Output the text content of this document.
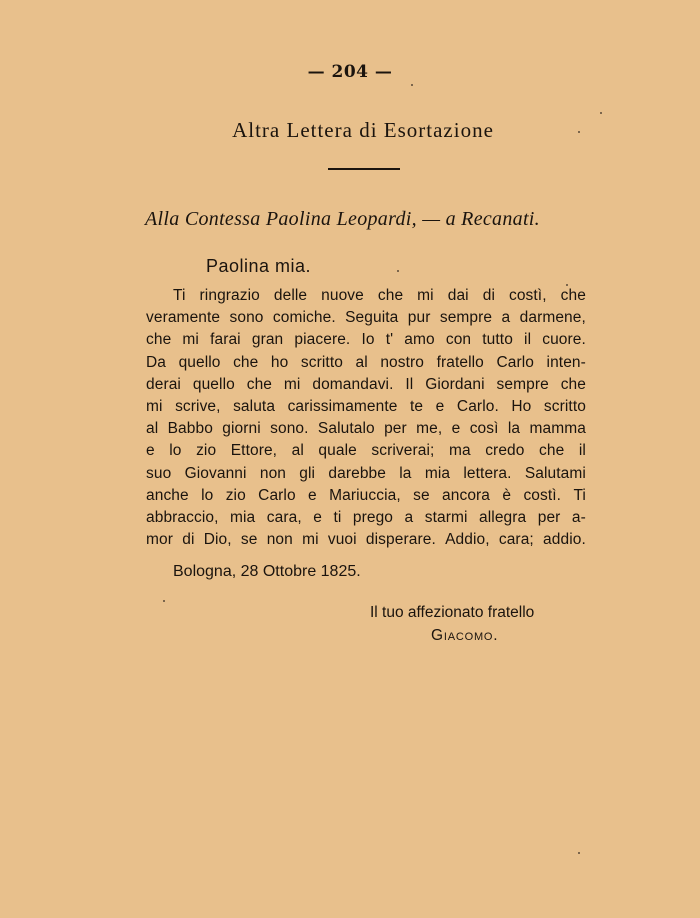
— 204 —
Altra Lettera di Esortazione
Alla Contessa Paolina Leopardi, — a Recanati.
Paolina mia.
Ti ringrazio delle nuove che mi dai di costì, che
veramente sono comiche. Seguita pur sempre a darmene,
che mi farai gran piacere. Io t' amo con tutto il cuore.
Da quello che ho scritto al nostro fratello Carlo inten-
derai quello che mi domandavi. Il Giordani sempre che
mi scrive, saluta carissimamente te e Carlo. Ho scritto
al Babbo giorni sono. Salutalo per me, e così la mamma
e lo zio Ettore, al quale scriverai; ma credo che il
suo Giovanni non gli darebbe la mia lettera. Salutami
anche lo zio Carlo e Mariuccia, se ancora è costì. Ti
abbraccio, mia cara, e ti prego a starmi allegra per a-
mor di Dio, se non mi vuoi disperare. Addio, cara; addio.
Bologna, 28 Ottobre 1825.
Il tuo affezionato fratello
Giacomo.
